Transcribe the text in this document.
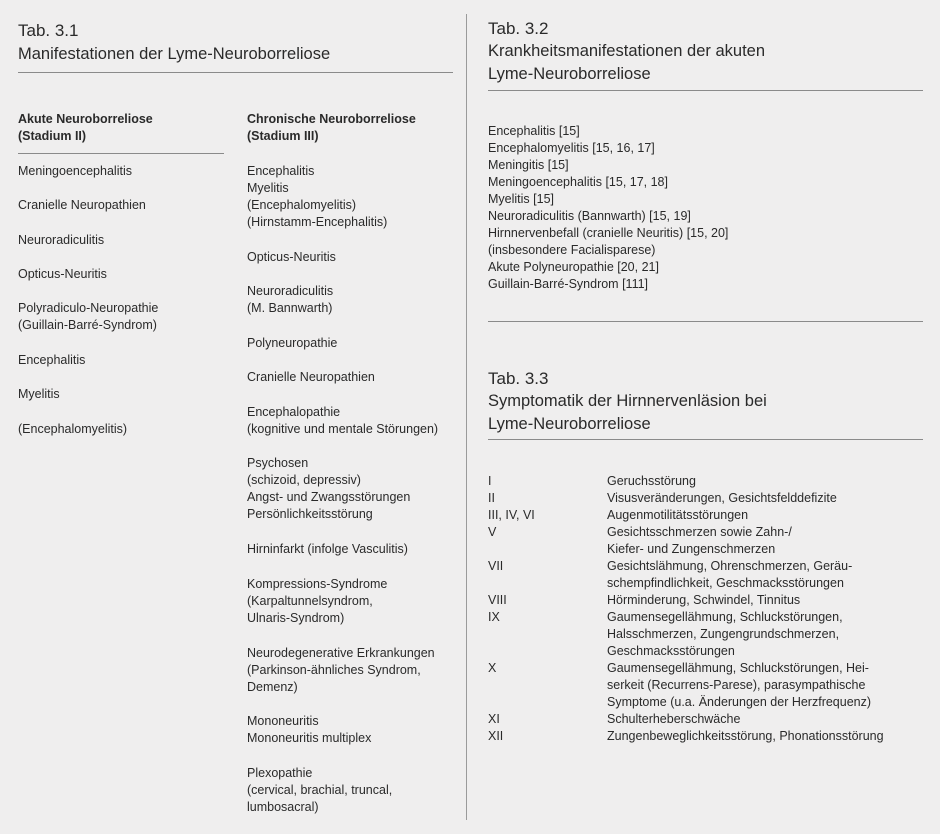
Tab. 3.1
Manifestationen der Lyme-Neuroborreliose
Akute Neuroborreliose
(Stadium II)
Meningoencephalitis
Cranielle Neuropathien
Neuroradiculitis
Opticus-Neuritis
Polyradiculo-Neuropathie
(Guillain-Barré-Syndrom)
Encephalitis
Myelitis
(Encephalomyelitis)
Chronische Neuroborreliose
(Stadium III)
Encephalitis
Myelitis
(Encephalomyelitis)
(Hirnstamm-Encephalitis)
Opticus-Neuritis
Neuroradiculitis
(M. Bannwarth)
Polyneuropathie
Cranielle Neuropathien
Encephalopathie
(kognitive und mentale Störungen)
Psychosen
(schizoid, depressiv)
Angst- und Zwangsstörungen
Persönlichkeitsstörung
Hirninfarkt (infolge Vasculitis)
Kompressions-Syndrome
(Karpaltunnelsyndrom,
Ulnaris-Syndrom)
Neurodegenerative Erkrankungen
(Parkinson-ähnliches Syndrom,
Demenz)
Mononeuritis
Mononeuritis multiplex
Plexopathie
(cervical, brachial, truncal,
lumbosacral)
Tab. 3.2
Krankheitsmanifestationen der akuten
Lyme-Neuroborreliose
Encephalitis [15]
Encephalomyelitis [15, 16, 17]
Meningitis [15]
Meningoencephalitis [15, 17, 18]
Myelitis [15]
Neuroradiculitis (Bannwarth) [15, 19]
Hirnnervenbefall (cranielle Neuritis) [15, 20]
(insbesondere Facialisparese)
Akute Polyneuropathie [20, 21]
Guillain-Barré-Syndrom [111]
Tab. 3.3
Symptomatik der Hirnnervenläsion bei
Lyme-Neuroborreliose
I	Geruchsstörung
II	Visusveränderungen, Gesichtsfelddefizite
III, IV, VI	Augenmotilitätsstörungen
V	Gesichtsschmerzen sowie Zahn-/
Kiefer- und Zungenschmerzen
VII	Gesichtslähmung, Ohrenschmerzen, Geräu-
schempfindlichkeit, Geschmacksstörungen
VIII	Hörminderung, Schwindel, Tinnitus
IX	Gaumensegellähmung, Schluckstörungen,
Halsschmerzen, Zungengrundschmerzen,
Geschmacksstörungen
X	Gaumensegellähmung, Schluckstörungen, Hei-
serkeit (Recurrens-Parese), parasympathische
Symptome (u.a. Änderungen der Herzfrequenz)
XI	Schulterheberschwäche
XII	Zungenbeweglichkeitsstörung, Phonationsstörung
